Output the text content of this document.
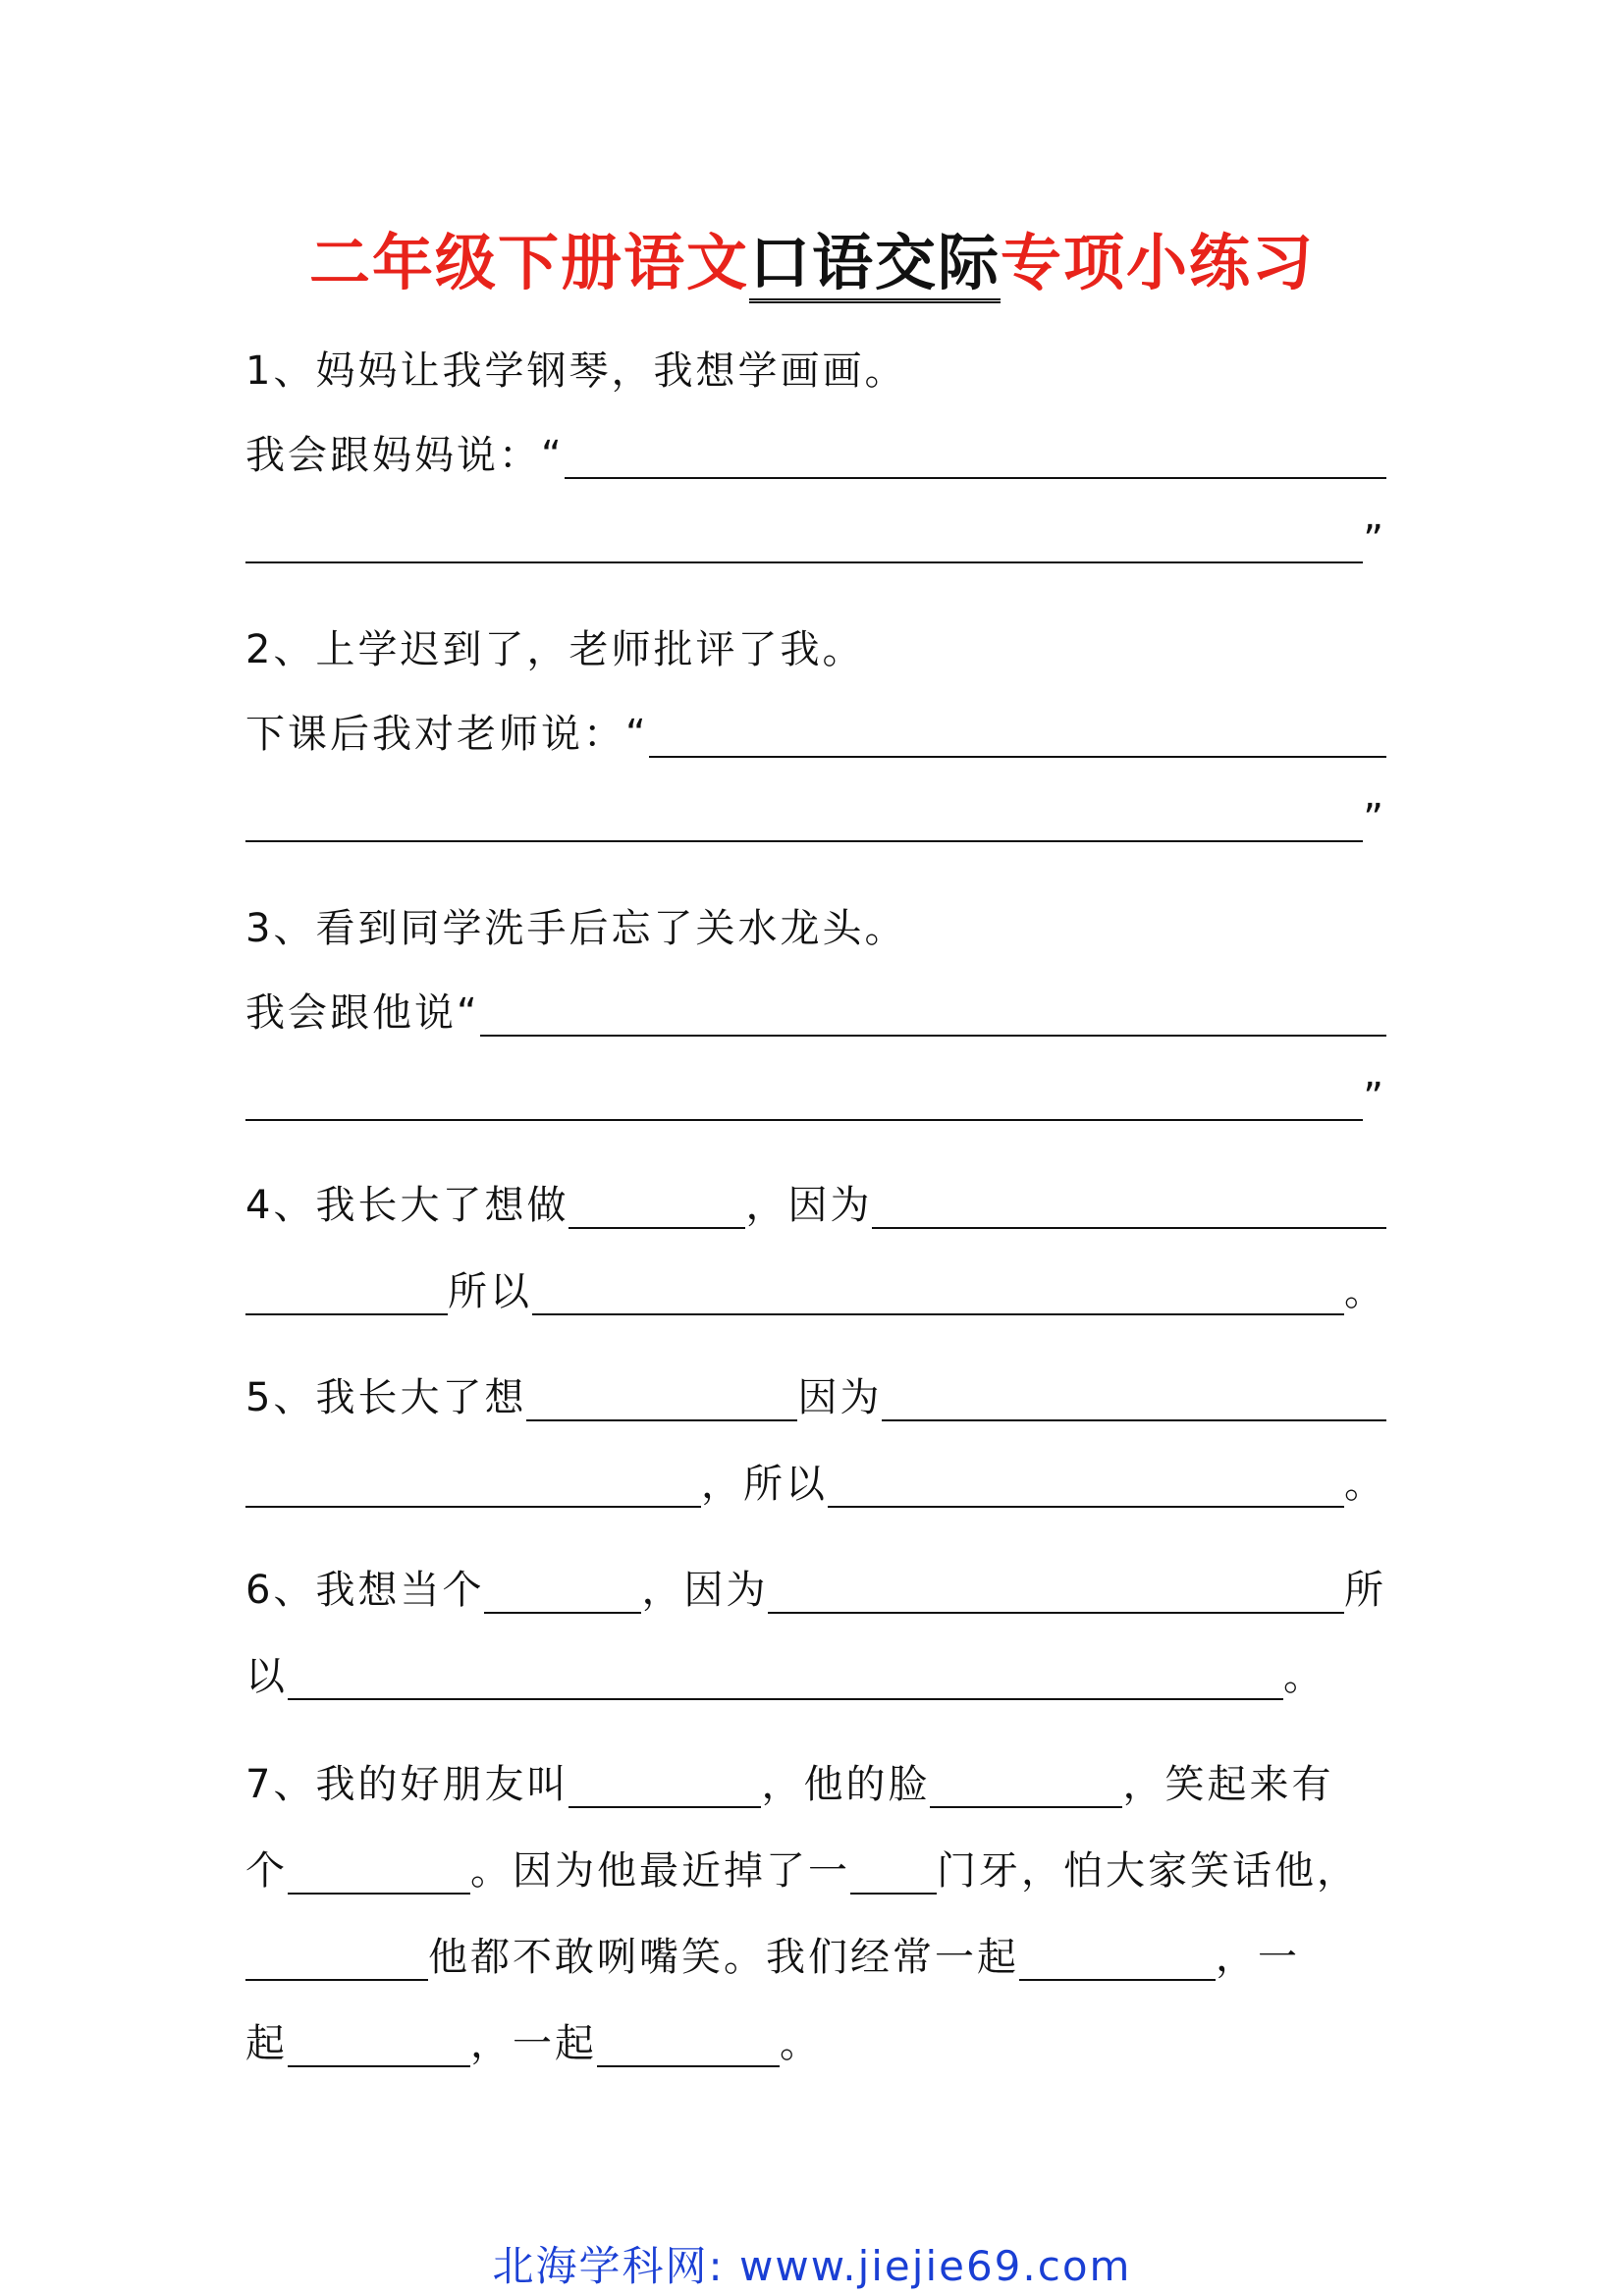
二年级下册语文口语交际专项小练习
1、妈妈让我学钢琴，我想学画画。
我会跟妈妈说：“
”
2、上学迟到了，老师批评了我。
下课后我对老师说：“
”
3、看到同学洗手后忘了关水龙头。
我会跟他说“
”
4、我长大了想做	，因为
所以	。
5、我长大了想	因为
，所以	。
6、我想当个	，因为	所
以	。
7、我的好朋友叫	，他的脸	，笑起来有
个	。因为他最近掉了一 门牙，怕大家笑话他，
他都不敢咧嘴笑。我们经常一起	，一
起	，一起	。
北海学科网: www.jiejie69.com
